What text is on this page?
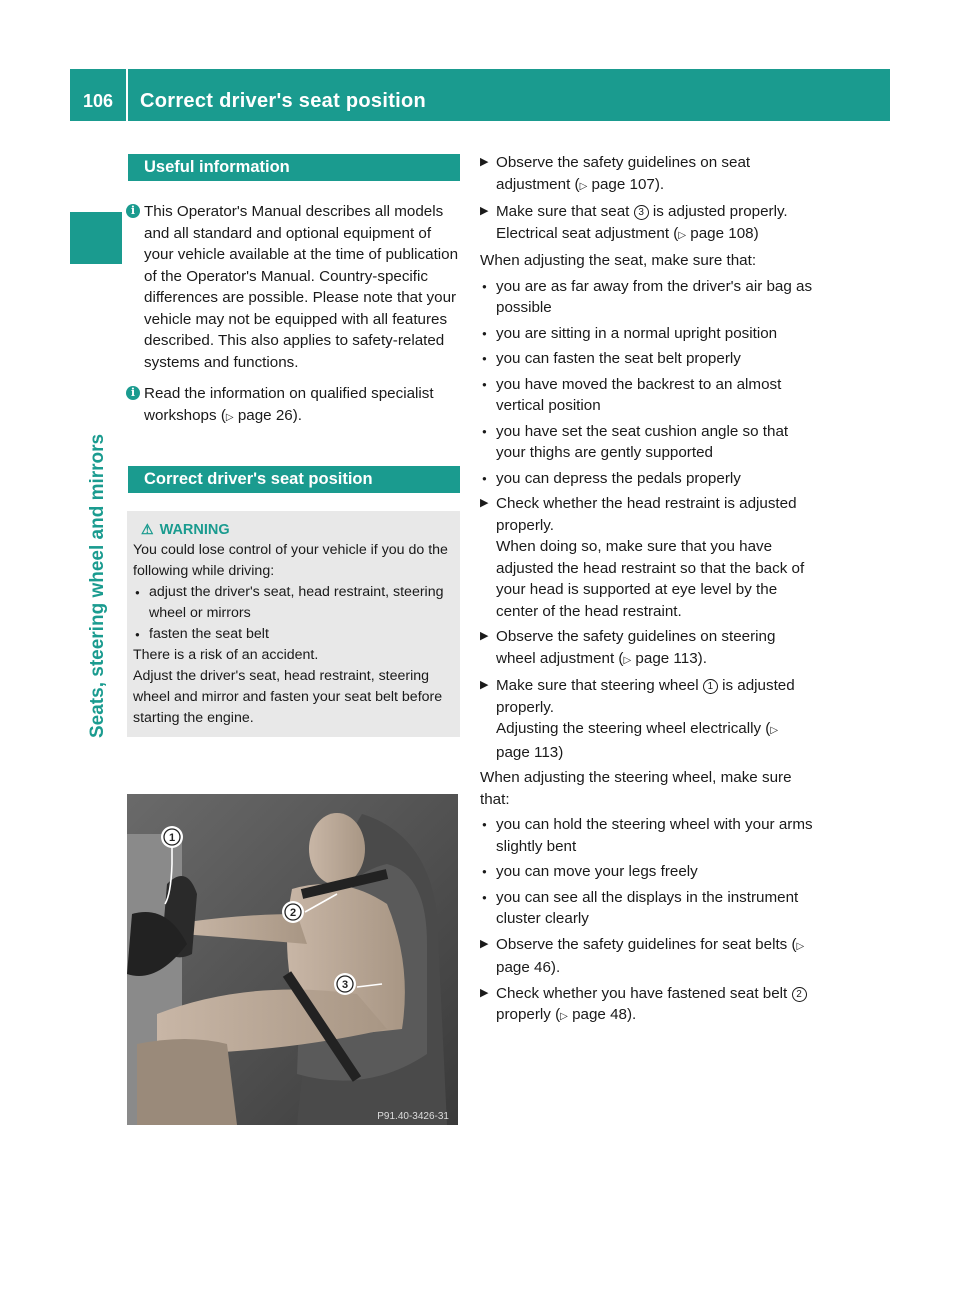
106	Correct driver's seat position
Seats, steering wheel and mirrors
Useful information
i This Operator's Manual describes all models and all standard and optional equipment of your vehicle available at the time of publication of the Operator's Manual. Country-specific differences are possible. Please note that your vehicle may not be equipped with all features described. This also applies to safety-related systems and functions.
i Read the information on qualified specialist workshops (▷ page 26).
Correct driver's seat position
⚠ WARNING
You could lose control of your vehicle if you do the following while driving:
● adjust the driver's seat, head restraint, steering wheel or mirrors
● fasten the seat belt
There is a risk of an accident.
Adjust the driver's seat, head restraint, steering wheel and mirror and fasten your seat belt before starting the engine.
1
2
3
P91.40-3426-31
▶ Observe the safety guidelines on seat adjustment (▷ page 107).
▶ Make sure that seat 3 is adjusted properly.
Electrical seat adjustment (▷ page 108)
When adjusting the seat, make sure that:
● you are as far away from the driver's air bag as possible
● you are sitting in a normal upright position
● you can fasten the seat belt properly
● you have moved the backrest to an almost vertical position
● you have set the seat cushion angle so that your thighs are gently supported
● you can depress the pedals properly
▶ Check whether the head restraint is adjusted properly.
When doing so, make sure that you have adjusted the head restraint so that the back of your head is supported at eye level by the center of the head restraint.
▶ Observe the safety guidelines on steering wheel adjustment (▷ page 113).
▶ Make sure that steering wheel 1 is adjusted properly.
Adjusting the steering wheel electrically (▷ page 113)
When adjusting the steering wheel, make sure that:
● you can hold the steering wheel with your arms slightly bent
● you can move your legs freely
● you can see all the displays in the instrument cluster clearly
▶ Observe the safety guidelines for seat belts (▷ page 46).
▶ Check whether you have fastened seat belt 2 properly (▷ page 48).
